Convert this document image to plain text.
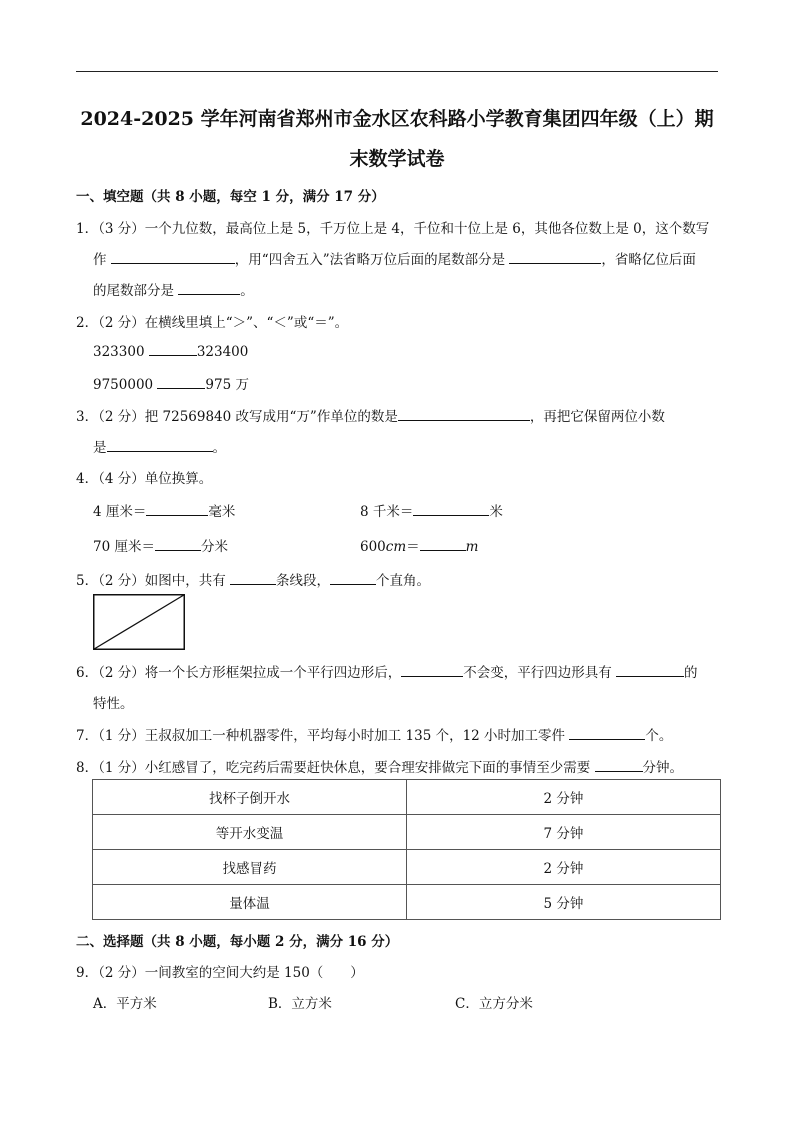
2024-2025 学年河南省郑州市金水区农科路小学教育集团四年级（上）期
末数学试卷
一、填空题（共 8 小题，每空 1 分，满分 17 分）
1．（3 分）一个九位数，最高位上是 5，千万位上是 4，千位和十位上是 6，其他各位数上是 0，这个数写
作	，用“四舍五入”法省略万位后面的尾数部分是	，省略亿位后面
的尾数部分是	。
2．（2 分）在横线里填上“＞”、“＜”或“＝”。
323300	323400
9750000	975 万
3．（2 分）把 72569840 改写成用“万”作单位的数是	，再把它保留两位小数
是	。
4．（4 分）单位换算。
4 厘米＝	毫米	8 千米＝	米
70 厘米＝	分米	600cm＝	m
5．（2 分）如图中，共有	条线段，	个直角。
6．（2 分）将一个长方形框架拉成一个平行四边形后，	不会变，平行四边形具有	的
特性。
7．（1 分）王叔叔加工一种机器零件，平均每小时加工 135 个，12 小时加工零件	个。
8．（1 分）小红感冒了，吃完药后需要赶快休息，要合理安排做完下面的事情至少需要	分钟。
找杯子倒开水	2 分钟
等开水变温	7 分钟
找感冒药	2 分钟
量体温	5 分钟
二、选择题（共 8 小题，每小题 2 分，满分 16 分）
9．（2 分）一间教室的空间大约是 150（　　）
A．平方米	B．立方米	C．立方分米
